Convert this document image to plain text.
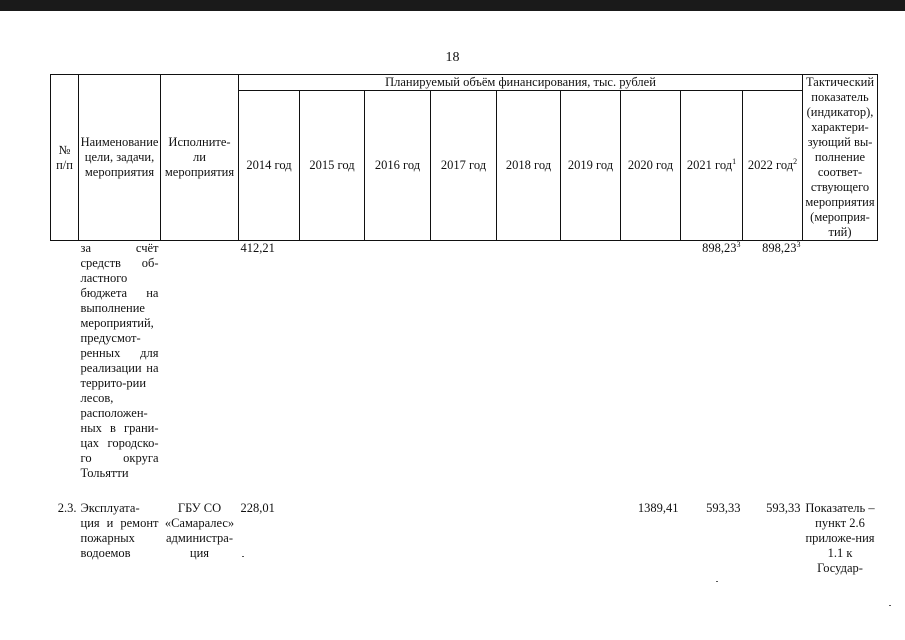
18
№ п/п	Наименование цели, задачи, мероприятия	Исполните-ли мероприятия	Планируемый объём финансирования, тыс. рублей									Тактический показатель (индикатор), характери-зующий вы-полнение соответ-ствующего мероприятия (мероприя-тий)
			2014 год	2015 год	2016 год	2017 год	2018 год	2019 год	2020 год	2021 год$^1$	2022 год$^2$
	за счёт средств об-ластного бюджета на выполнение мероприятий, предусмот-ренных для реализации на террито-рии лесов, расположен-ных в грани-цах городско-го округа Тольятти		412,21							898,23$^3$	898,23$^3$	
2.3.	Эксплуата-ция и ремонт пожарных водоемов	ГБУ СО «Самаралес» администра-ция	228,01						1389,41	593,33	593,33	Показатель – пункт 2.6 приложе-ния 1.1 к Государ-
